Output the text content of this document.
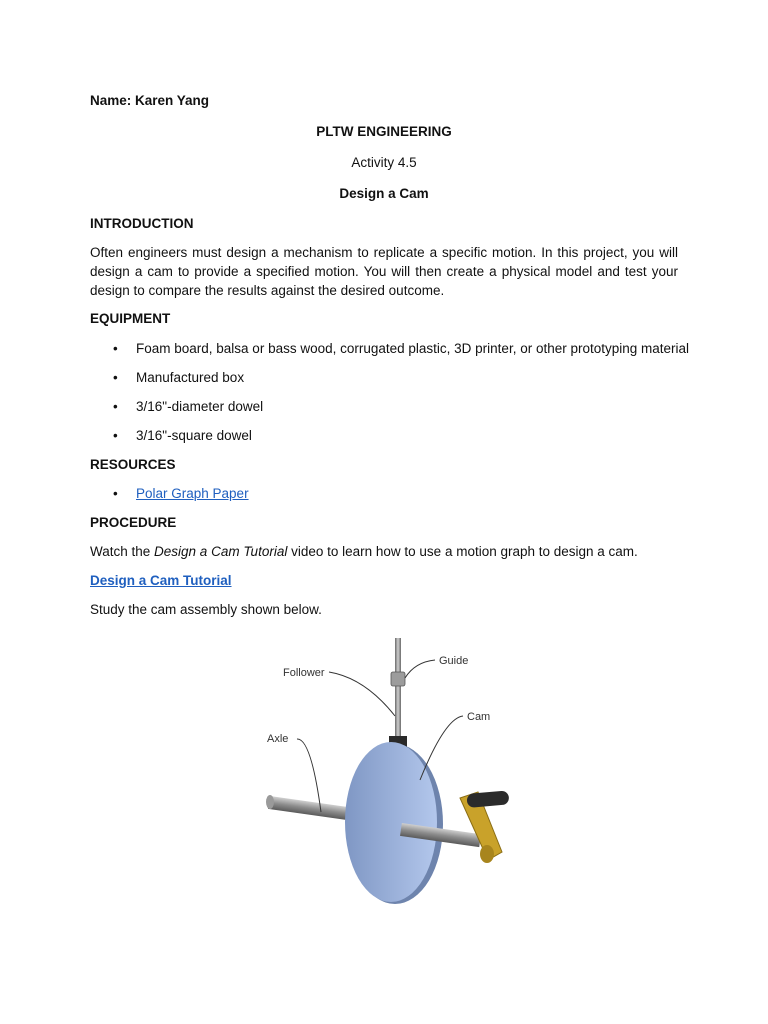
Name: Karen Yang
PLTW ENGINEERING
Activity 4.5
Design a Cam
INTRODUCTION
Often engineers must design a mechanism to replicate a specific motion. In this project, you will design a cam to provide a specified motion. You will then create a physical model and test your design to compare the results against the desired outcome.
EQUIPMENT
• Foam board, balsa or bass wood, corrugated plastic, 3D printer, or other prototyping material
• Manufactured box
• 3/16"-diameter dowel
• 3/16"-square dowel
RESOURCES
• Polar Graph Paper
PROCEDURE
Watch the Design a Cam Tutorial video to learn how to use a motion graph to design a cam.
Design a Cam Tutorial
Study the cam assembly shown below.
Follower
Guide
Cam
Axle
